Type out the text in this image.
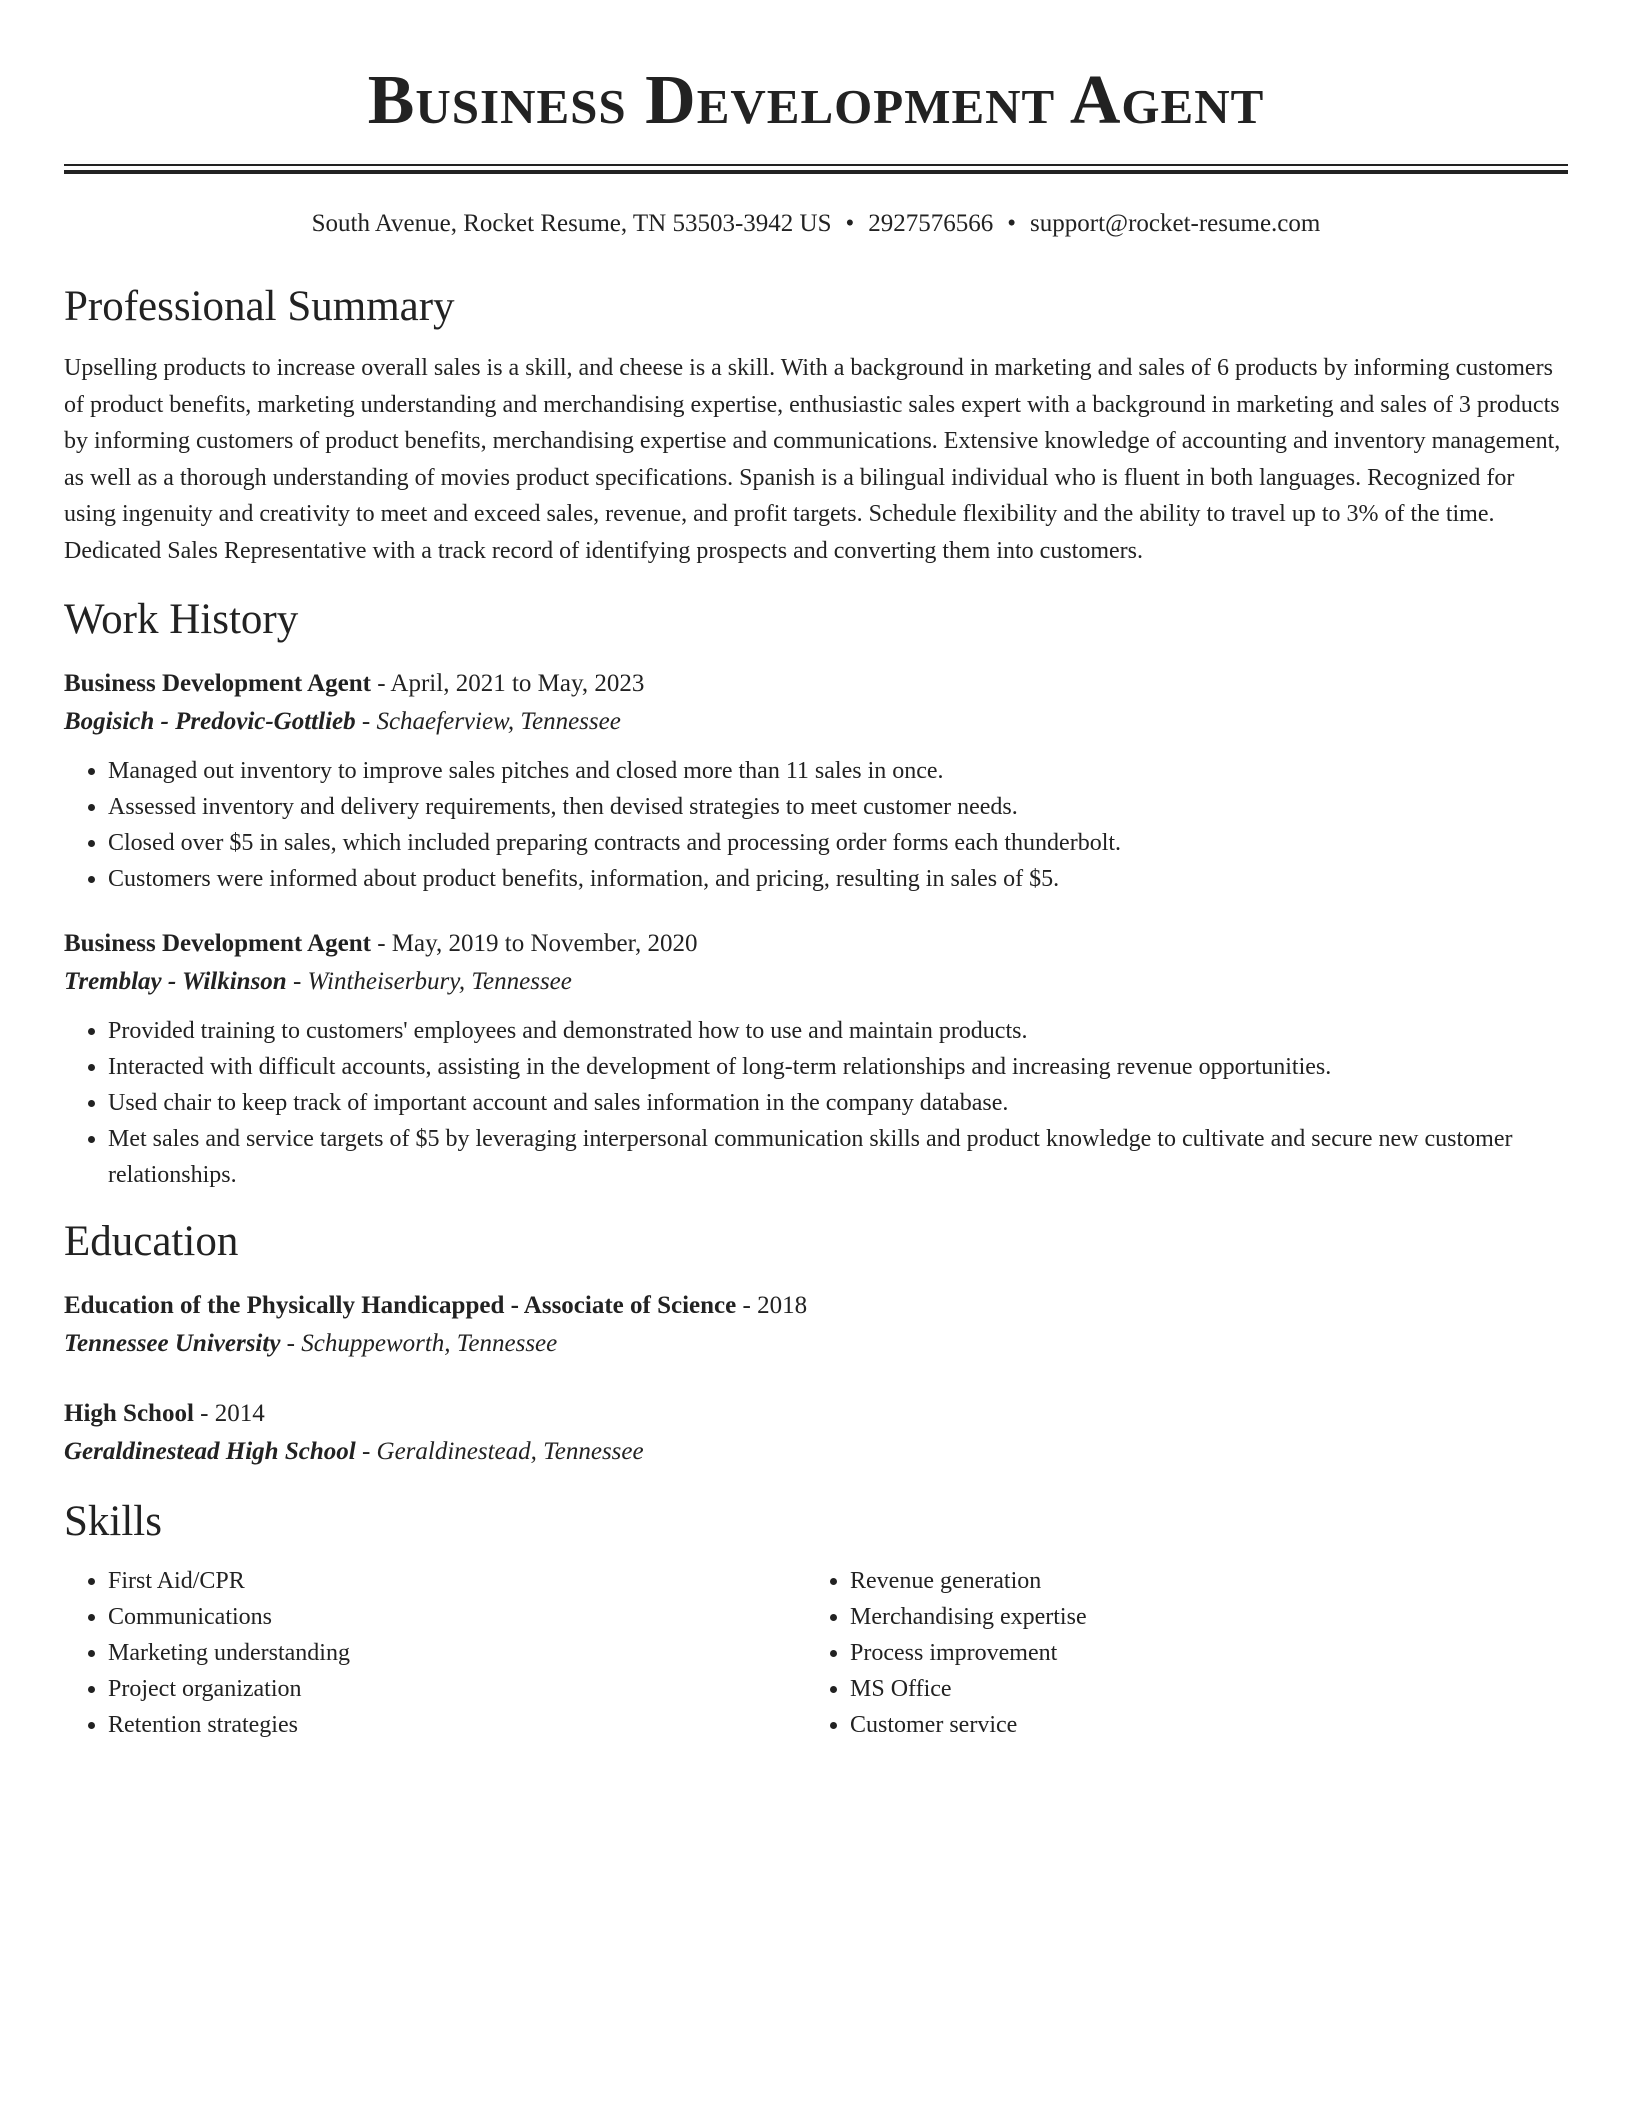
Business Development Agent
South Avenue, Rocket Resume, TN 53503-3942 US • 2927576566 • support@rocket-resume.com
Professional Summary

Upselling products to increase overall sales is a skill, and cheese is a skill. With a background in marketing and sales of 6 products by informing customers of product benefits, marketing understanding and merchandising expertise, enthusiastic sales expert with a background in marketing and sales of 3 products by informing customers of product benefits, merchandising expertise and communications. Extensive knowledge of accounting and inventory management, as well as a thorough understanding of movies product specifications. Spanish is a bilingual individual who is fluent in both languages. Recognized for using ingenuity and creativity to meet and exceed sales, revenue, and profit targets. Schedule flexibility and the ability to travel up to 3% of the time. Dedicated Sales Representative with a track record of identifying prospects and converting them into customers.

Work History
Business Development Agent - April, 2021 to May, 2023
Bogisich - Predovic-Gottlieb - Schaeferview, Tennessee
• Managed out inventory to improve sales pitches and closed more than 11 sales in once.
• Assessed inventory and delivery requirements, then devised strategies to meet customer needs.
• Closed over $5 in sales, which included preparing contracts and processing order forms each thunderbolt.
• Customers were informed about product benefits, information, and pricing, resulting in sales of $5.
Business Development Agent - May, 2019 to November, 2020
Tremblay - Wilkinson - Wintheiserbury, Tennessee
• Provided training to customers' employees and demonstrated how to use and maintain products.
• Interacted with difficult accounts, assisting in the development of long-term relationships and increasing revenue opportunities.
• Used chair to keep track of important account and sales information in the company database.
• Met sales and service targets of $5 by leveraging interpersonal communication skills and product knowledge to cultivate and secure new customer relationships.
Education
Education of the Physically Handicapped - Associate of Science - 2018
Tennessee University - Schuppeworth, Tennessee
High School - 2014
Geraldinestead High School - Geraldinestead, Tennessee
Skills
• First Aid/CPR
• Communications
• Marketing understanding
• Project organization
• Retention strategies
• Revenue generation
• Merchandising expertise
• Process improvement
• MS Office
• Customer service
